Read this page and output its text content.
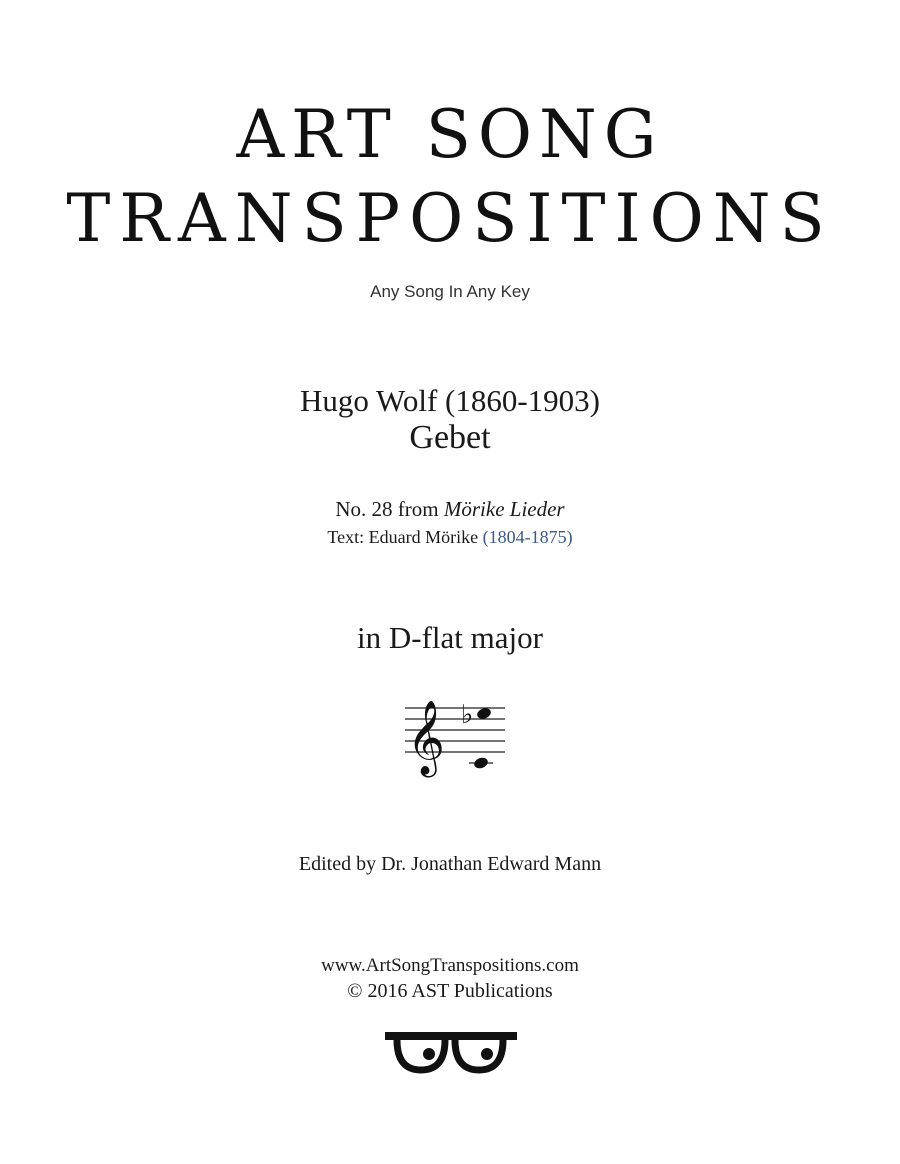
ART SONG
TRANSPOSITIONS
Any Song In Any Key
Hugo Wolf (1860-1903)
Gebet
No. 28 from Mörike Lieder
Text: Eduard Mörike (1804-1875)
in D-flat major
𝄞 ♭
Edited by Dr. Jonathan Edward Mann
www.ArtSongTranspositions.com
© 2016 AST Publications
